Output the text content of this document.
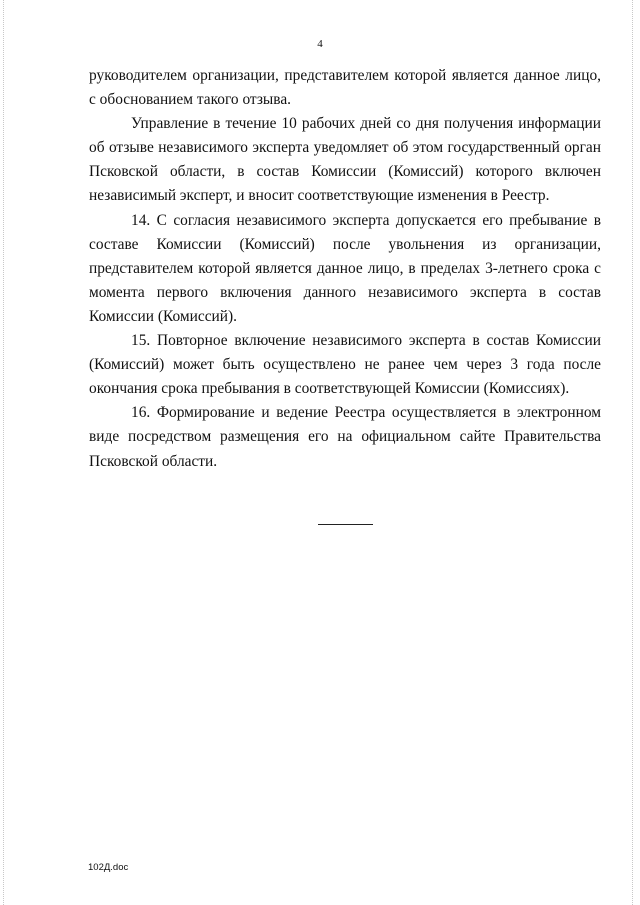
4

руководителем организации, представителем которой является данное лицо, с обоснованием такого отзыва.

Управление в течение 10 рабочих дней со дня получения информации об отзыве независимого эксперта уведомляет об этом государственный орган Псковской области, в состав Комиссии (Комиссий) которого включен независимый эксперт, и вносит соответствующие изменения в Реестр.

14. С согласия независимого эксперта допускается его пребывание в составе Комиссии (Комиссий) после увольнения из организации, представителем которой является данное лицо, в пределах 3-летнего срока с момента первого включения данного независимого эксперта в состав Комиссии (Комиссий).

15. Повторное включение независимого эксперта в состав Комиссии (Комиссий) может быть осуществлено не ранее чем через 3 года после окончания срока пребывания в соответствующей Комиссии (Комиссиях).

16. Формирование и ведение Реестра осуществляется в электронном виде посредством размещения его на официальном сайте Правительства Псковской области.

102Д.doc
